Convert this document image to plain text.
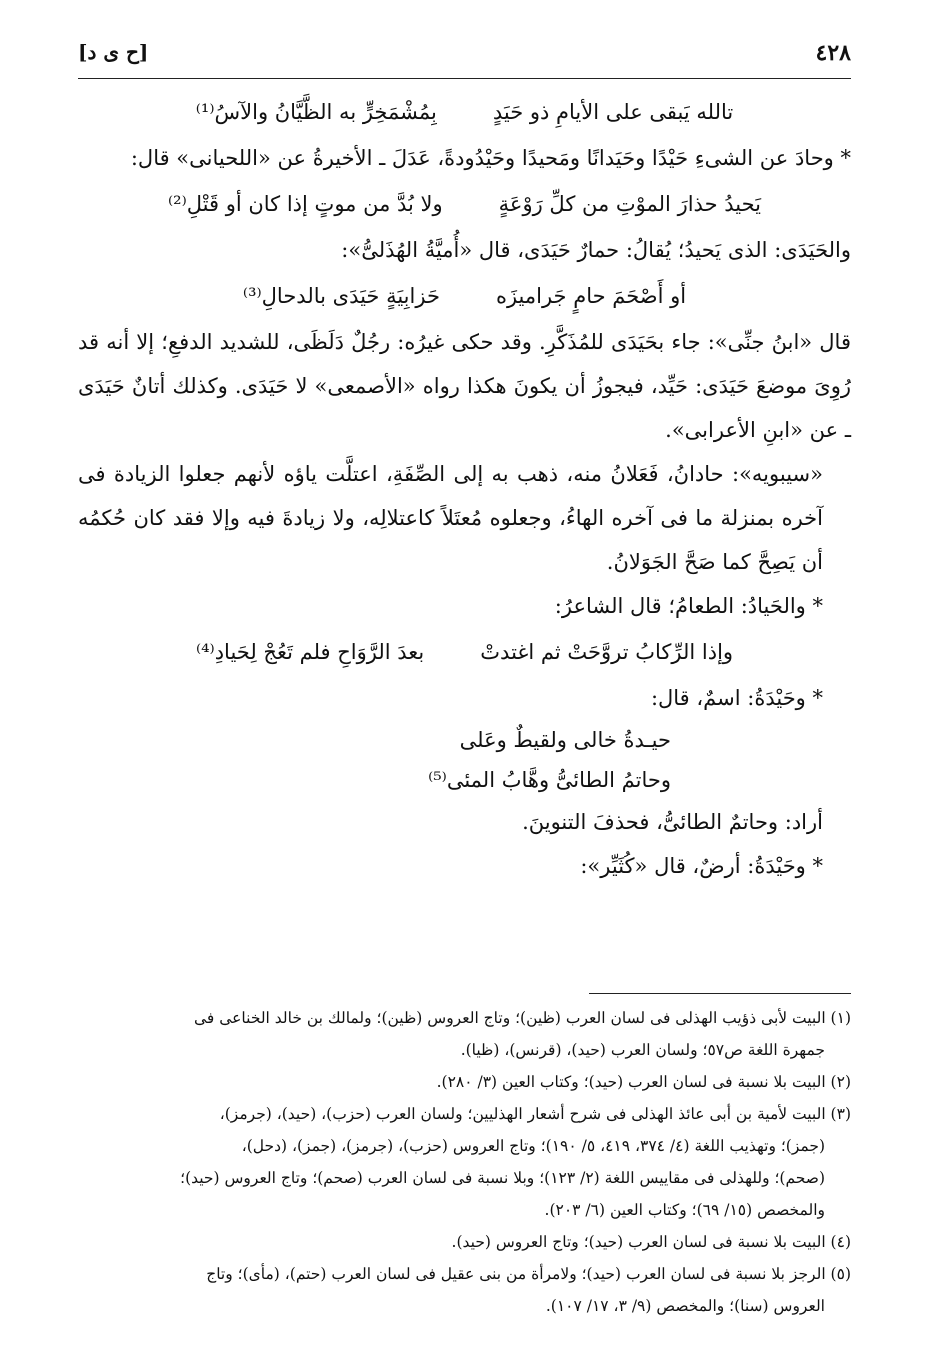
٤٢٨
[ح ى د]
تالله يَبقى على الأيامِ ذو حَيَدٍ
بِمُشْمَخِرٍّ به الظَّيَّانُ والآسُ⁽¹⁾

* وحادَ عن الشىءِ حَيْدًا وحَيَدانًا ومَحيدًا وحَيْدُودةً، عَدَلَ ـ الأخيرةُ عن «اللحيانى» قال:

يَحيدُ حذارَ الموْتِ من كلِّ رَوْعَةٍ
ولا بُدَّ من موتٍ إذا كان أو قَتْلِ⁽²⁾

والحَيَدَى: الذى يَحيدُ؛ يُقالُ: حمارٌ حَيَدَى، قال «أُميَّةُ الهُذَلىُّ»:

أو أَصْحَمَ حامٍ جَراميزَه
حَزابِيَةٍ حَيَدَى بالدحالِ⁽³⁾

قال «ابنُ جنِّى»: جاء بحَيَدَى للمُذَكَّرِ. وقد حكى غيرُه: رجُلٌ دَلَظَى، للشديد الدفعِ؛ إلا أنه قد رُوِىَ موضعَ حَيَدَى: حَيِّد، فيجوزُ أن يكونَ هكذا رواه «الأصمعى» لا حَيَدَى. وكذلك أتانٌ حَيَدَى ـ عن «ابنِ الأعرابى».

«سيبويه»: حادانُ، فَعَلانُ منه، ذهب به إلى الصِّفَةِ، اعتلَّت ياؤه لأنهم جعلوا الزيادة فى آخره بمنزلة ما فى آخره الهاءُ، وجعلوه مُعتَلاً كاعتلالِه، ولا زيادةَ فيه وإلا فقد كان حُكمُه أن يَصِحَّ كما صَحَّ الجَوَلانُ.

* والحَيادُ: الطعامُ؛ قال الشاعرُ:

وإذا الرِّكابُ تروَّحَتْ ثم اغتدتْ
بعدَ الرَّوَاحِ فلم تَعُجْ لِحَيادِ⁽⁴⁾

* وحَيْدَةُ: اسمٌ، قال:

حيـدةُ خالى ولقيطٌ وعَلى
وحاتمُ الطائىُّ وهَّابُ المئى⁽⁵⁾

أراد: وحاتمٌ الطائىُّ، فحذفَ التنوينَ.

* وحَيْدَةُ: أرضٌ، قال «كُثَيِّر»:

(١) البيت لأبى ذؤيب الهذلى فى لسان العرب (ظين)؛ وتاج العروس (ظين)؛ ولمالك بن خالد الخناعى فى

جمهرة اللغة ص٥٧؛ ولسان العرب (حيد)، (قرنس)، (ظيا).

(٢) البيت بلا نسبة فى لسان العرب (حيد)؛ وكتاب العين (٣/ ٢٨٠).

(٣) البيت لأمية بن أبى عائذ الهذلى فى شرح أشعار الهذليين؛ ولسان العرب (حزب)، (حيد)، (جرمز)،

(جمز)؛ وتهذيب اللغة (٤/ ٣٧٤، ٤١٩، ٥/ ١٩٠)؛ وتاج العروس (حزب)، (جرمز)، (جمز)، (دحل)،

(صحم)؛ وللهذلى فى مقاييس اللغة (٢/ ١٢٣)؛ وبلا نسبة فى لسان العرب (صحم)؛ وتاج العروس (حيد)؛

والمخصص (١٥/ ٦٩)؛ وكتاب العين (٦/ ٢٠٣).

(٤) البيت بلا نسبة فى لسان العرب (حيد)؛ وتاج العروس (حيد).

(٥) الرجز بلا نسبة فى لسان العرب (حيد)؛ ولامرأة من بنى عقيل فى لسان العرب (حتم)، (مأى)؛ وتاج

العروس (سنا)؛ والمخصص (٩/ ٣، ١٧/ ١٠٧).
